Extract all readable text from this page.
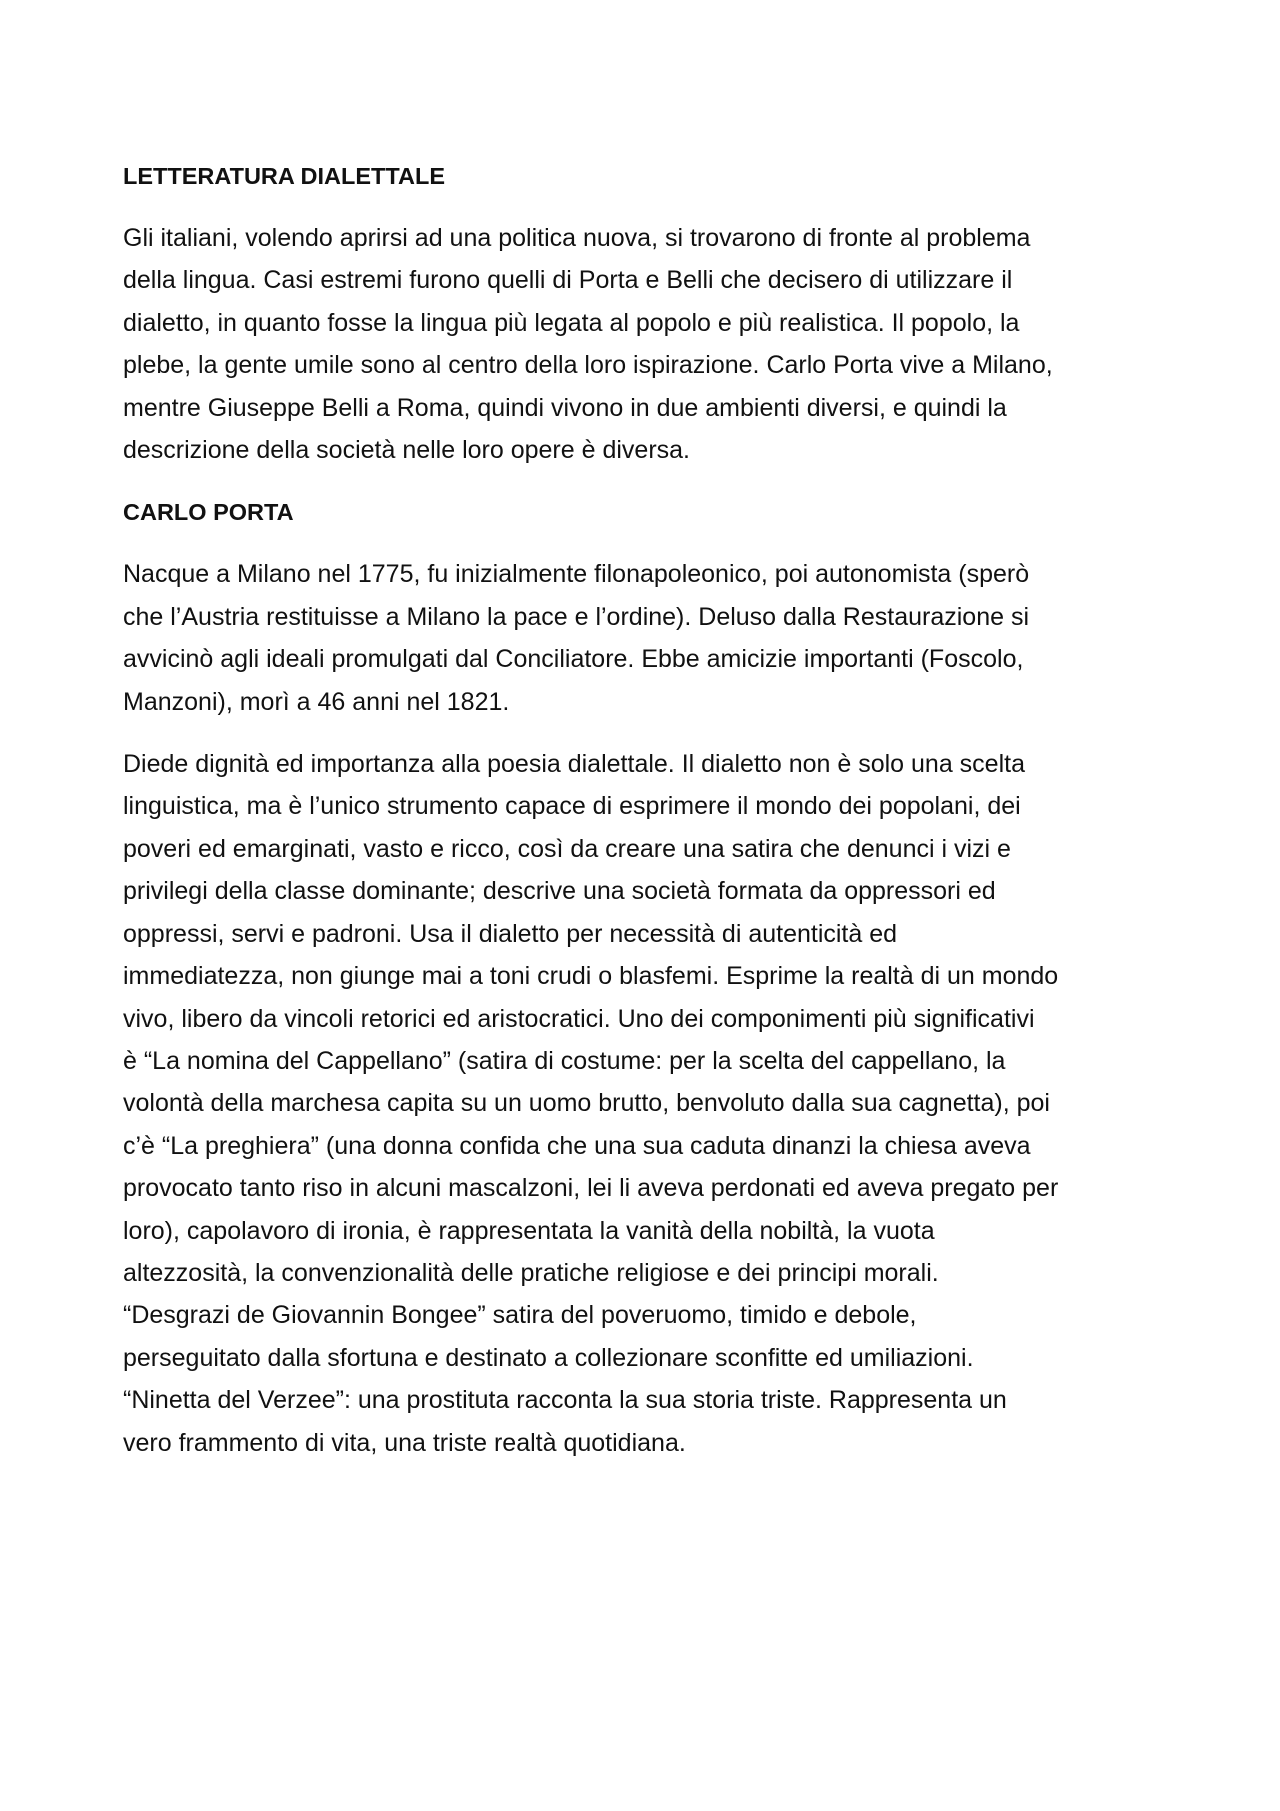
LETTERATURA DIALETTALE
Gli italiani, volendo aprirsi ad una politica nuova, si trovarono di fronte al problema
della lingua. Casi estremi furono quelli di Porta e Belli che decisero di utilizzare il
dialetto, in quanto fosse la lingua più legata al popolo e più realistica. Il popolo, la
plebe, la gente umile sono al centro della loro ispirazione. Carlo Porta vive a Milano,
mentre Giuseppe Belli a Roma, quindi vivono in due ambienti diversi, e quindi la
descrizione della società nelle loro opere è diversa.
CARLO PORTA
Nacque a Milano nel 1775, fu inizialmente filonapoleonico, poi autonomista (sperò
che l’Austria restituisse a Milano la pace e l’ordine). Deluso dalla Restaurazione si
avvicinò agli ideali promulgati dal Conciliatore. Ebbe amicizie importanti (Foscolo,
Manzoni), morì a 46 anni nel 1821.
Diede dignità ed importanza alla poesia dialettale. Il dialetto non è solo una scelta
linguistica, ma è l’unico strumento capace di esprimere il mondo dei popolani, dei
poveri ed emarginati, vasto e ricco, così da creare una satira che denunci i vizi e
privilegi della classe dominante; descrive una società formata da oppressori ed
oppressi, servi e padroni. Usa il dialetto per necessità di autenticità ed
immediatezza, non giunge mai a toni crudi o blasfemi. Esprime la realtà di un mondo
vivo, libero da vincoli retorici ed aristocratici. Uno dei componimenti più significativi
è “La nomina del Cappellano” (satira di costume: per la scelta del cappellano, la
volontà della marchesa capita su un uomo brutto, benvoluto dalla sua cagnetta), poi
c’è “La preghiera” (una donna confida che una sua caduta dinanzi la chiesa aveva
provocato tanto riso in alcuni mascalzoni, lei li aveva perdonati ed aveva pregato per
loro), capolavoro di ironia, è rappresentata la vanità della nobiltà, la vuota
altezzosità, la convenzionalità delle pratiche religiose e dei principi morali.
“Desgrazi de Giovannin Bongee” satira del poveruomo, timido e debole,
perseguitato dalla sfortuna e destinato a collezionare sconfitte ed umiliazioni.
“Ninetta del Verzee”: una prostituta racconta la sua storia triste. Rappresenta un
vero frammento di vita, una triste realtà quotidiana.
